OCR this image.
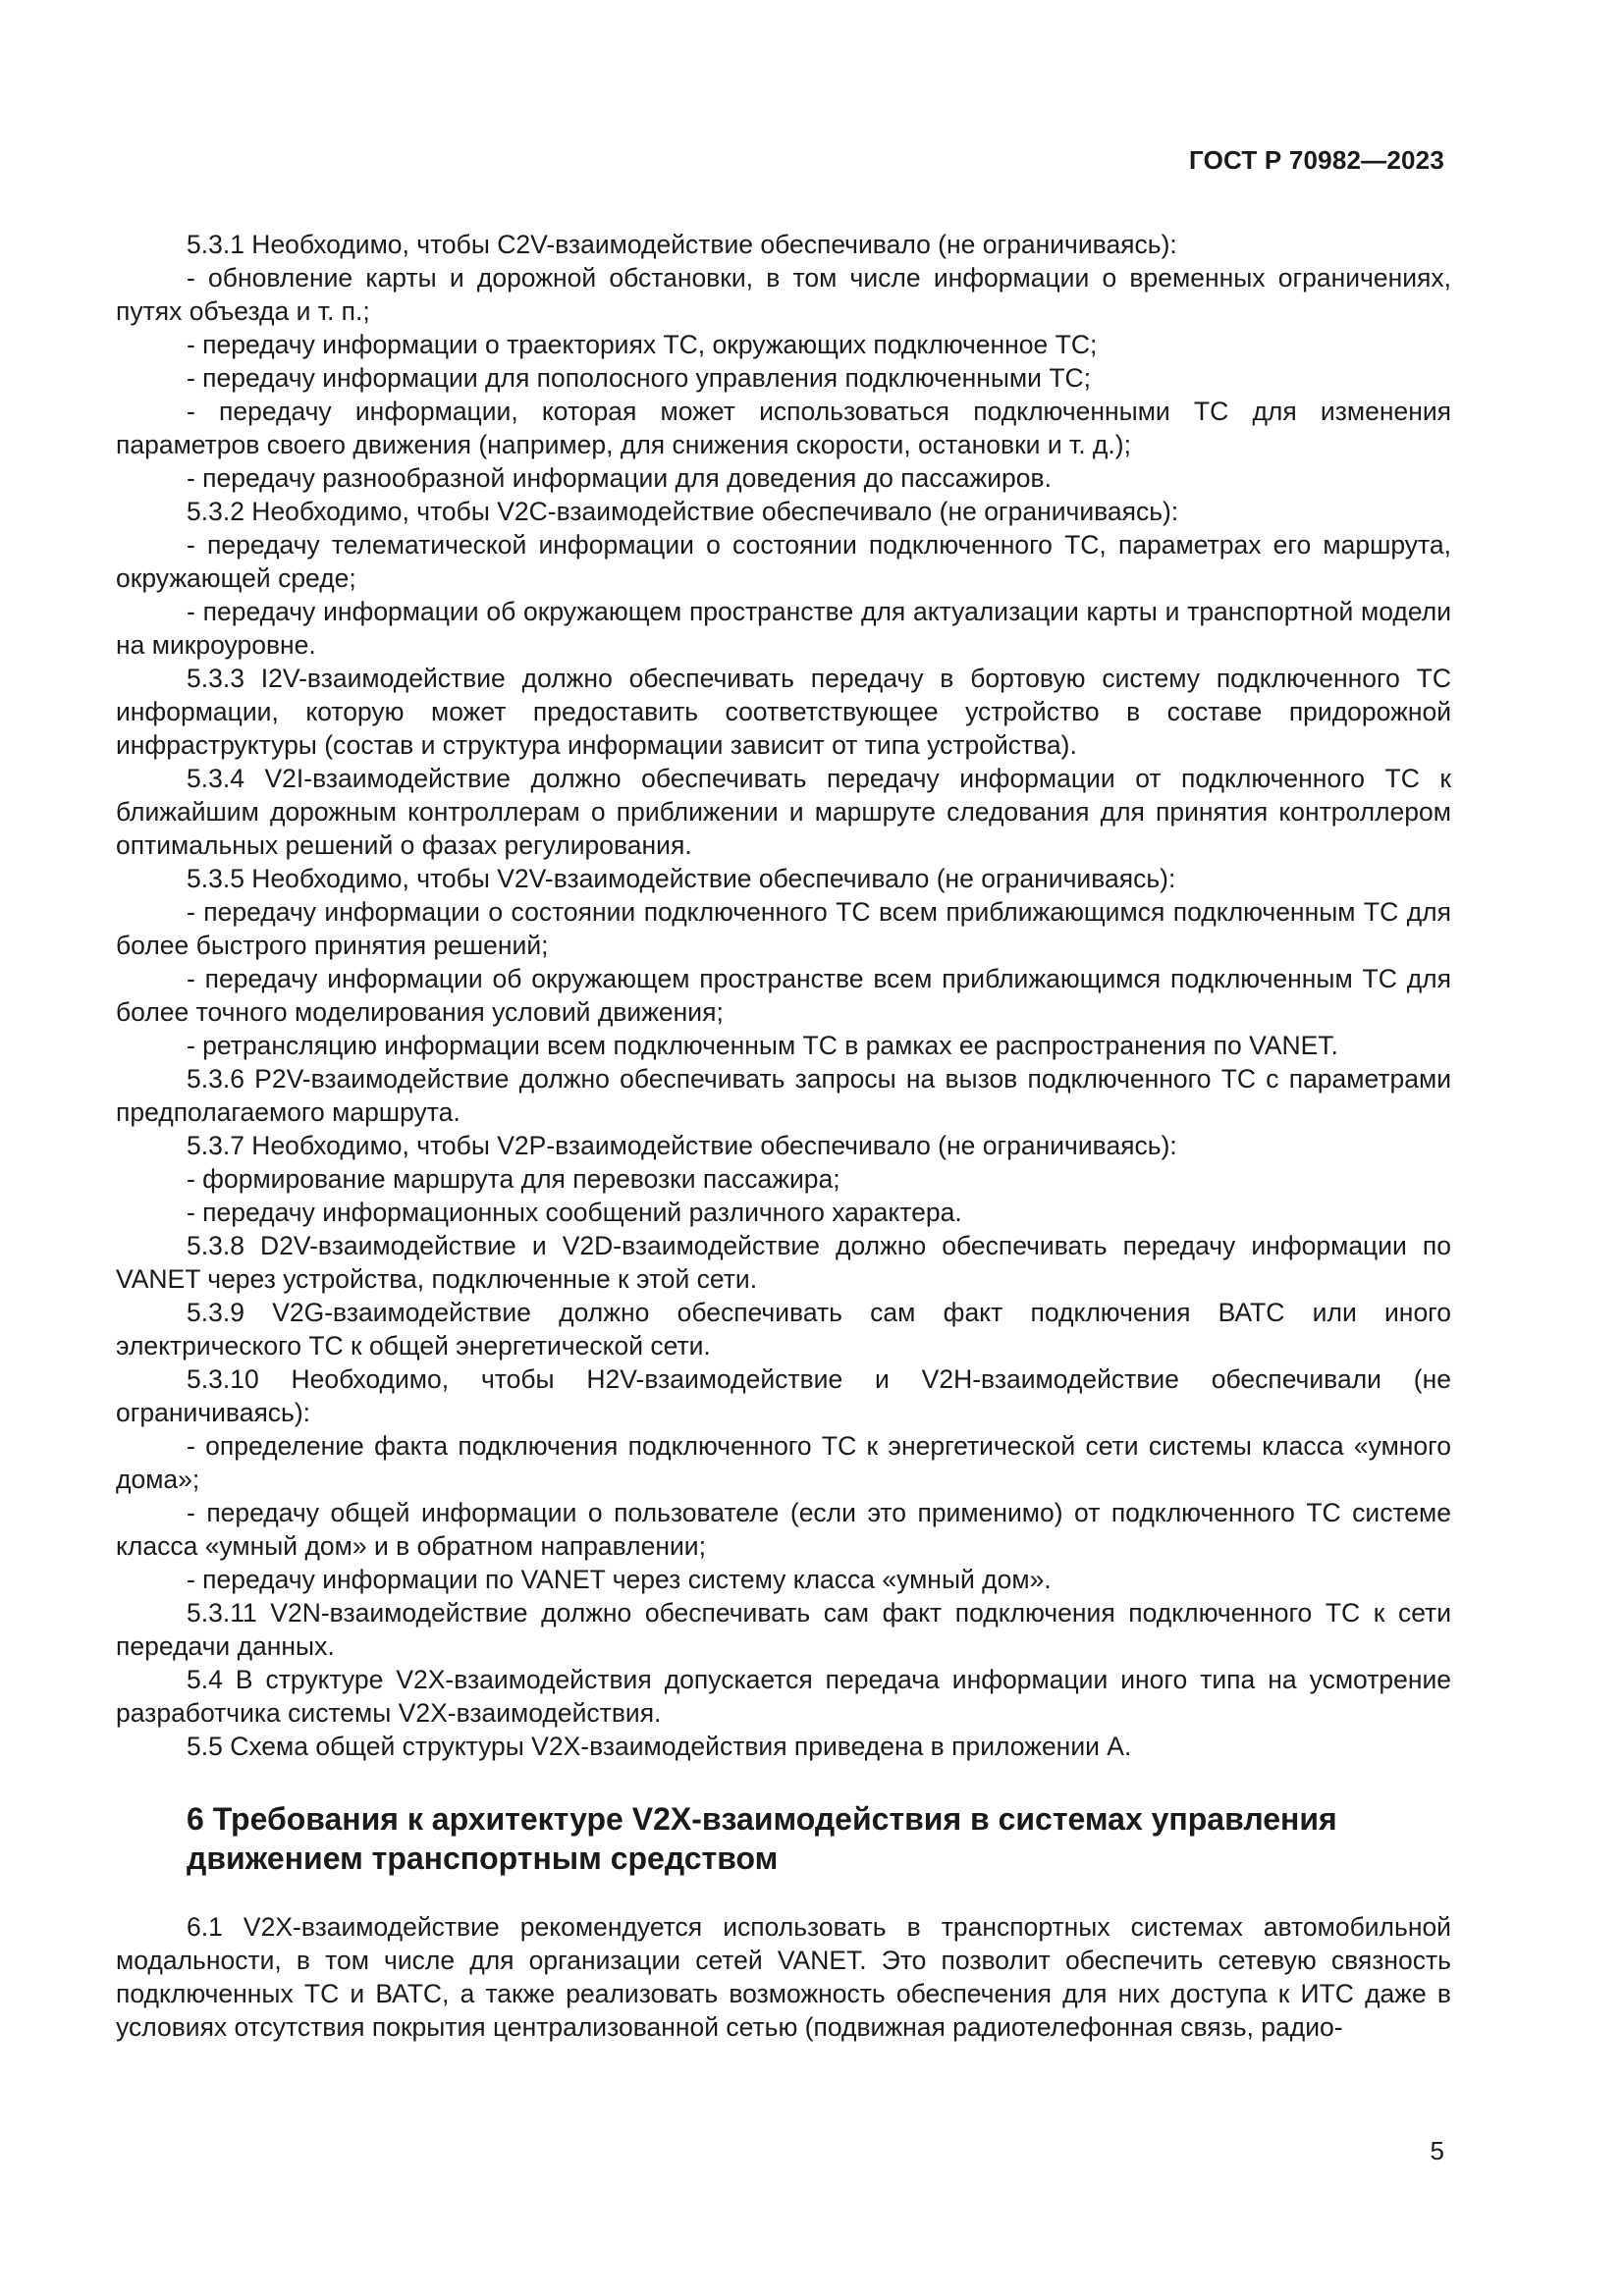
ГОСТ Р 70982—2023

5.3.1 Необходимо, чтобы C2V-взаимодействие обеспечивало (не ограничиваясь):

- обновление карты и дорожной обстановки, в том числе информации о временных ограничениях, путях объезда и т. п.;

- передачу информации о траекториях ТС, окружающих подключенное ТС;

- передачу информации для пополосного управления подключенными ТС;

- передачу информации, которая может использоваться подключенными ТС для изменения параметров своего движения (например, для снижения скорости, остановки и т. д.);

- передачу разнообразной информации для доведения до пассажиров.

5.3.2 Необходимо, чтобы V2C-взаимодействие обеспечивало (не ограничиваясь):

- передачу телематической информации о состоянии подключенного ТС, параметрах его маршрута, окружающей среде;

- передачу информации об окружающем пространстве для актуализации карты и транспортной модели на микроуровне.

5.3.3 I2V-взаимодействие должно обеспечивать передачу в бортовую систему подключенного ТС информации, которую может предоставить соответствующее устройство в составе придорожной инфраструктуры (состав и структура информации зависит от типа устройства).

5.3.4 V2I-взаимодействие должно обеспечивать передачу информации от подключенного ТС к ближайшим дорожным контроллерам о приближении и маршруте следования для принятия контроллером оптимальных решений о фазах регулирования.

5.3.5 Необходимо, чтобы V2V-взаимодействие обеспечивало (не ограничиваясь):

- передачу информации о состоянии подключенного ТС всем приближающимся подключенным ТС для более быстрого принятия решений;

- передачу информации об окружающем пространстве всем приближающимся подключенным ТС для более точного моделирования условий движения;

- ретрансляцию информации всем подключенным ТС в рамках ее распространения по VANET.

5.3.6 P2V-взаимодействие должно обеспечивать запросы на вызов подключенного ТС с параметрами предполагаемого маршрута.

5.3.7 Необходимо, чтобы V2P-взаимодействие обеспечивало (не ограничиваясь):

- формирование маршрута для перевозки пассажира;

- передачу информационных сообщений различного характера.

5.3.8 D2V-взаимодействие и V2D-взаимодействие должно обеспечивать передачу информации по VANET через устройства, подключенные к этой сети.

5.3.9 V2G-взаимодействие должно обеспечивать сам факт подключения ВАТС или иного электрического ТС к общей энергетической сети.

5.3.10 Необходимо, чтобы H2V-взаимодействие и V2H-взаимодействие обеспечивали (не ограничиваясь):

- определение факта подключения подключенного ТС к энергетической сети системы класса «умного дома»;

- передачу общей информации о пользователе (если это применимо) от подключенного ТС системе класса «умный дом» и в обратном направлении;

- передачу информации по VANET через систему класса «умный дом».

5.3.11 V2N-взаимодействие должно обеспечивать сам факт подключения подключенного ТС к сети передачи данных.

5.4 В структуре V2X-взаимодействия допускается передача информации иного типа на усмотрение разработчика системы V2X-взаимодействия.

5.5 Схема общей структуры V2X-взаимодействия приведена в приложении А.

6 Требования к архитектуре V2X-взаимодействия в системах управления
движением транспортным средством

6.1 V2X-взаимодействие рекомендуется использовать в транспортных системах автомобильной модальности, в том числе для организации сетей VANET. Это позволит обеспечить сетевую связность подключенных ТС и ВАТС, а также реализовать возможность обеспечения для них доступа к ИТС даже в условиях отсутствия покрытия централизованной сетью (подвижная радиотелефонная связь, радио-

5
